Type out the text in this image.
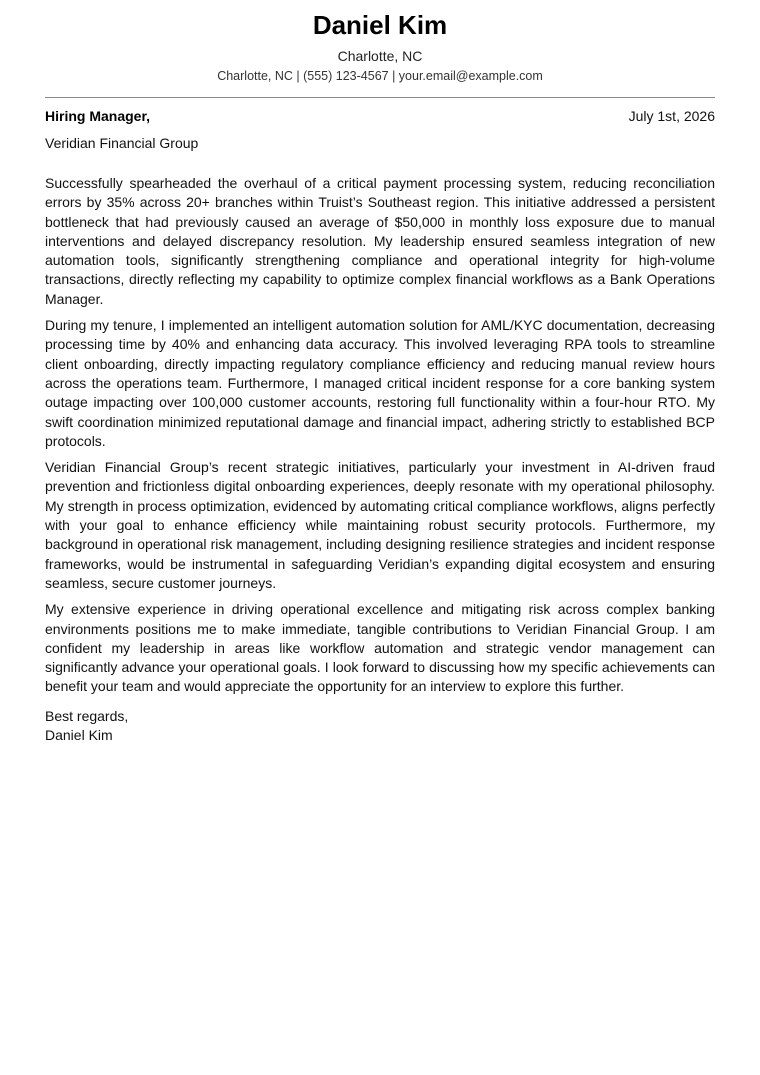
Daniel Kim
Charlotte, NC
Charlotte, NC | (555) 123-4567 | your.email@example.com
Hiring Manager,	July 1st, 2026
Veridian Financial Group

Successfully spearheaded the overhaul of a critical payment processing system, reducing reconciliation errors by 35% across 20+ branches within Truist’s Southeast region. This initiative addressed a persistent bottleneck that had previously caused an average of $50,000 in monthly loss exposure due to manual interventions and delayed discrepancy resolution. My leadership ensured seamless integration of new automation tools, significantly strengthening compliance and operational integrity for high-volume transactions, directly reflecting my capability to optimize complex financial workflows as a Bank Operations Manager.

During my tenure, I implemented an intelligent automation solution for AML/KYC documentation, decreasing processing time by 40% and enhancing data accuracy. This involved leveraging RPA tools to streamline client onboarding, directly impacting regulatory compliance efficiency and reducing manual review hours across the operations team. Furthermore, I managed critical incident response for a core banking system outage impacting over 100,000 customer accounts, restoring full functionality within a four-hour RTO. My swift coordination minimized reputational damage and financial impact, adhering strictly to established BCP protocols.

Veridian Financial Group’s recent strategic initiatives, particularly your investment in AI-driven fraud prevention and frictionless digital onboarding experiences, deeply resonate with my operational philosophy. My strength in process optimization, evidenced by automating critical compliance workflows, aligns perfectly with your goal to enhance efficiency while maintaining robust security protocols. Furthermore, my background in operational risk management, including designing resilience strategies and incident response frameworks, would be instrumental in safeguarding Veridian’s expanding digital ecosystem and ensuring seamless, secure customer journeys.

My extensive experience in driving operational excellence and mitigating risk across complex banking environments positions me to make immediate, tangible contributions to Veridian Financial Group. I am confident my leadership in areas like workflow automation and strategic vendor management can significantly advance your operational goals. I look forward to discussing how my specific achievements can benefit your team and would appreciate the opportunity for an interview to explore this further.

Best regards,
Daniel Kim
